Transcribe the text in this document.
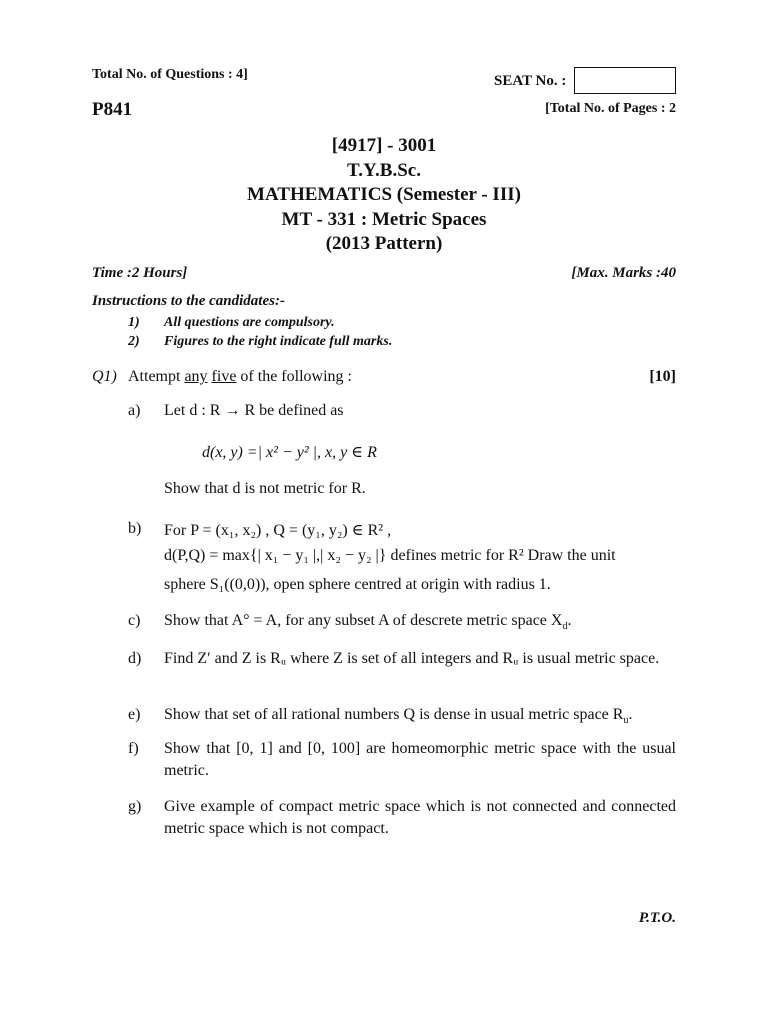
Total No. of Questions : 4]	SEAT No. :
P841	[Total No. of Pages : 2
[4917] - 3001
T.Y.B.Sc.
MATHEMATICS (Semester - III)
MT - 331 : Metric Spaces
(2013 Pattern)
Time :2 Hours]	[Max. Marks :40
Instructions to the candidates:-
1) All questions are compulsory.
2) Figures to the right indicate full marks.
Q1) Attempt any five of the following :	[10]
a) Let d : R → R be defined as
d(x, y) =| x² − y² |, x, y ∈ R
Show that d is not metric for R.
b) For P = (x₁, x₂) , Q = (y₁, y₂) ∈ R² ,
d(P,Q) = max{| x₁ − y₁ |,| x₂ − y₂ |} defines metric for R² Draw the unit
sphere S₁((0,0)), open sphere centred at origin with radius 1.
c) Show that A° = A, for any subset A of descrete metric space $X_d$.
d) Find Z′ and Z is Rᵤ where Z is set of all integers and Rᵤ is usual metric space.
e) Show that set of all rational numbers Q is dense in usual metric space $R_u$.
f) Show that [0, 1] and [0, 100] are homeomorphic metric space with the usual metric.
g) Give example of compact metric space which is not connected and connected metric space which is not compact.
P.T.O.
